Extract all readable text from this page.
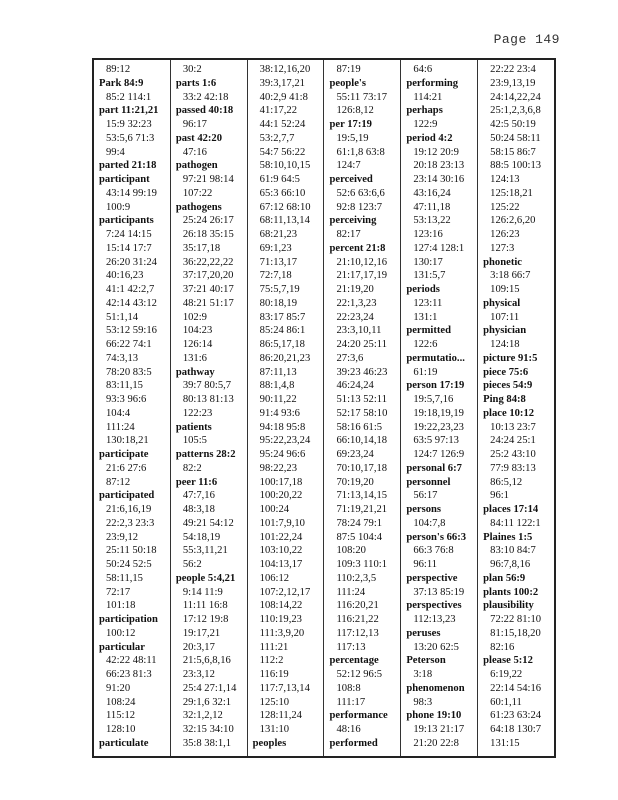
Page 149
89:12
Park 84:9
85:2 114:1
part 11:21,21
15:9 32:23
53:5,6 71:3
99:4
parted 21:18
participant
43:14 99:19
100:9
participants
7:24 14:15
15:14 17:7
26:20 31:24
40:16,23
41:1 42:2,7
42:14 43:12
51:1,14
53:12 59:16
66:22 74:1
74:3,13
78:20 83:5
83:11,15
93:3 96:6
104:4
111:24
130:18,21
participate
21:6 27:6
87:12
participated
21:6,16,19
22:2,3 23:3
23:9,12
25:11 50:18
50:24 52:5
58:11,15
72:17
101:18
participation
100:12
particular
42:22 48:11
66:23 81:3
91:20
108:24
115:12
128:10
particulate
30:2
parts 1:6
33:2 42:18
passed 40:18
96:17
past 42:20
47:16
pathogen
97:21 98:14
107:22
pathogens
25:24 26:17
26:18 35:15
35:17,18
36:22,22,22
37:17,20,20
37:21 40:17
48:21 51:17
102:9
104:23
126:14
131:6
pathway
39:7 80:5,7
80:13 81:13
122:23
patients
105:5
patterns 28:2
82:2
peer 11:6
47:7,16
48:3,18
49:21 54:12
54:18,19
55:3,11,21
56:2
people 5:4,21
9:14 11:9
11:11 16:8
17:12 19:8
19:17,21
20:3,17
21:5,6,8,16
23:3,12
25:4 27:1,14
29:1,6 32:1
32:1,2,12
32:15 34:10
35:8 38:1,1
38:12,16,20
39:3,17,21
40:2,9 41:8
41:17,22
44:1 52:24
53:2,7,7
54:7 56:22
58:10,10,15
61:9 64:5
65:3 66:10
67:12 68:10
68:11,13,14
68:21,23
69:1,23
71:13,17
72:7,18
75:5,7,19
80:18,19
83:17 85:7
85:24 86:1
86:5,17,18
86:20,21,23
87:11,13
88:1,4,8
90:11,22
91:4 93:6
94:18 95:8
95:22,23,24
95:24 96:6
98:22,23
100:17,18
100:20,22
100:24
101:7,9,10
101:22,24
103:10,22
104:13,17
106:12
107:2,12,17
108:14,22
110:19,23
111:3,9,20
111:21
112:2
116:19
117:7,13,14
125:10
128:11,24
131:10
peoples
87:19
people's
55:11 73:17
126:8,12
per 17:19
19:5,19
61:1,8 63:8
124:7
perceived
52:6 63:6,6
92:8 123:7
perceiving
82:17
percent 21:8
21:10,12,16
21:17,17,19
21:19,20
22:1,3,23
22:23,24
23:3,10,11
24:20 25:11
27:3,6
39:23 46:23
46:24,24
51:13 52:11
52:17 58:10
58:16 61:5
66:10,14,18
69:23,24
70:10,17,18
70:19,20
71:13,14,15
71:19,21,21
78:24 79:1
87:5 104:4
108:20
109:3 110:1
110:2,3,5
111:24
116:20,21
116:21,22
117:12,13
117:13
percentage
52:12 96:5
108:8
111:17
performance
48:16
performed
64:6
performing
114:21
perhaps
122:9
period 4:2
19:12 20:9
20:18 23:13
23:14 30:16
43:16,24
47:11,18
53:13,22
123:16
127:4 128:1
130:17
131:5,7
periods
123:11
131:1
permitted
122:6
permutatio...
61:19
person 17:19
19:5,7,16
19:18,19,19
19:22,23,23
63:5 97:13
124:7 126:9
personal 6:7
personnel
56:17
persons
104:7,8
person's 66:3
66:3 76:8
96:11
perspective
37:13 85:19
perspectives
112:13,23
peruses
13:20 62:5
Peterson
3:18
phenomenon
98:3
phone 19:10
19:13 21:17
21:20 22:8
22:22 23:4
23:9,13,19
24:14,22,24
25:1,2,3,6,8
42:5 50:19
50:24 58:11
58:15 86:7
88:5 100:13
124:13
125:18,21
125:22
126:2,6,20
126:23
127:3
phonetic
3:18 66:7
109:15
physical
107:11
physician
124:18
picture 91:5
piece 75:6
pieces 54:9
Ping 84:8
place 10:12
10:13 23:7
24:24 25:1
25:2 43:10
77:9 83:13
86:5,12
96:1
places 17:14
84:11 122:1
Plaines 1:5
83:10 84:7
96:7,8,16
plan 56:9
plants 100:2
plausibility
72:22 81:10
81:15,18,20
82:16
please 5:12
6:19,22
22:14 54:16
60:1,11
61:23 63:24
64:18 130:7
131:15
